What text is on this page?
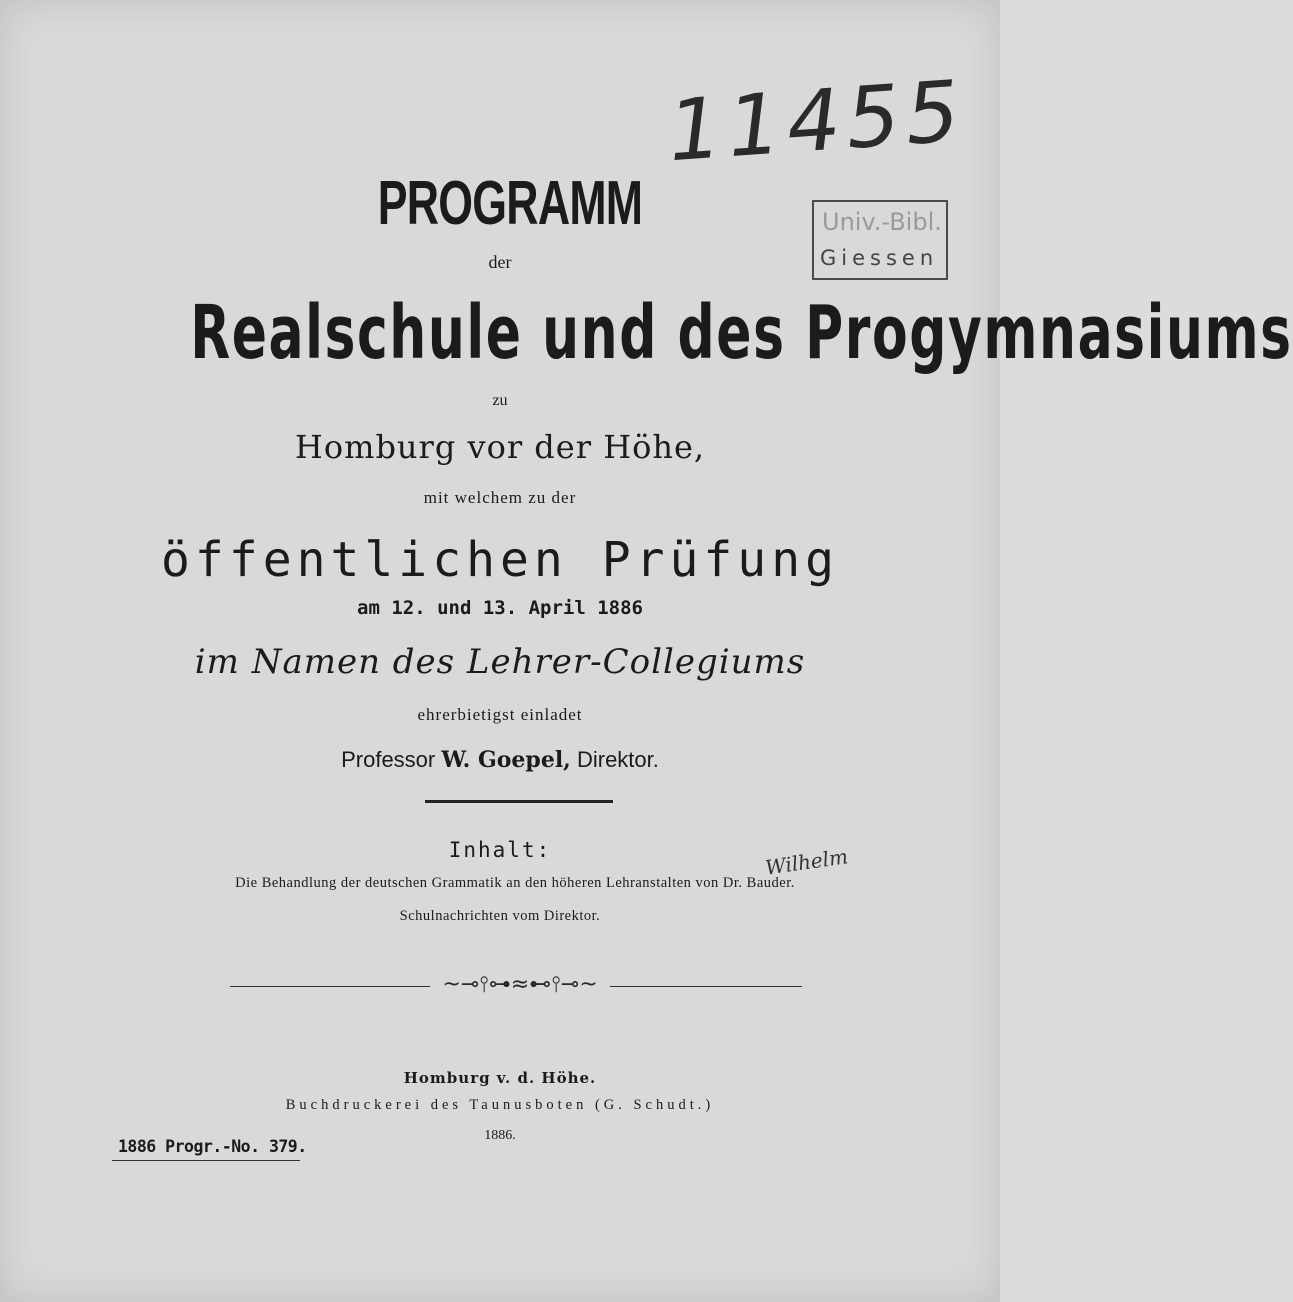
11455
Univ.-Bibl.
Giessen
PROGRAMM
der
Realschule und des Progymnasiums
zu
Homburg vor der Höhe,
mit welchem zu der
öffentlichen Prüfung
am 12. und 13. April 1886
im Namen des Lehrer-Collegiums
ehrerbietigst einladet
Professor W. Goepel, Direktor.
Inhalt:	Wilhelm
Die Behandlung der deutschen Grammatik an den höheren Lehranstalten von Dr. Bauder.
Schulnachrichten vom Direktor.
~⊸⫯⊶≈⊷⫯⊸~
Homburg v. d. Höhe.
Buchdruckerei des Taunusboten (G. Schudt.)
1886.
1886 Progr.-No. 379.
